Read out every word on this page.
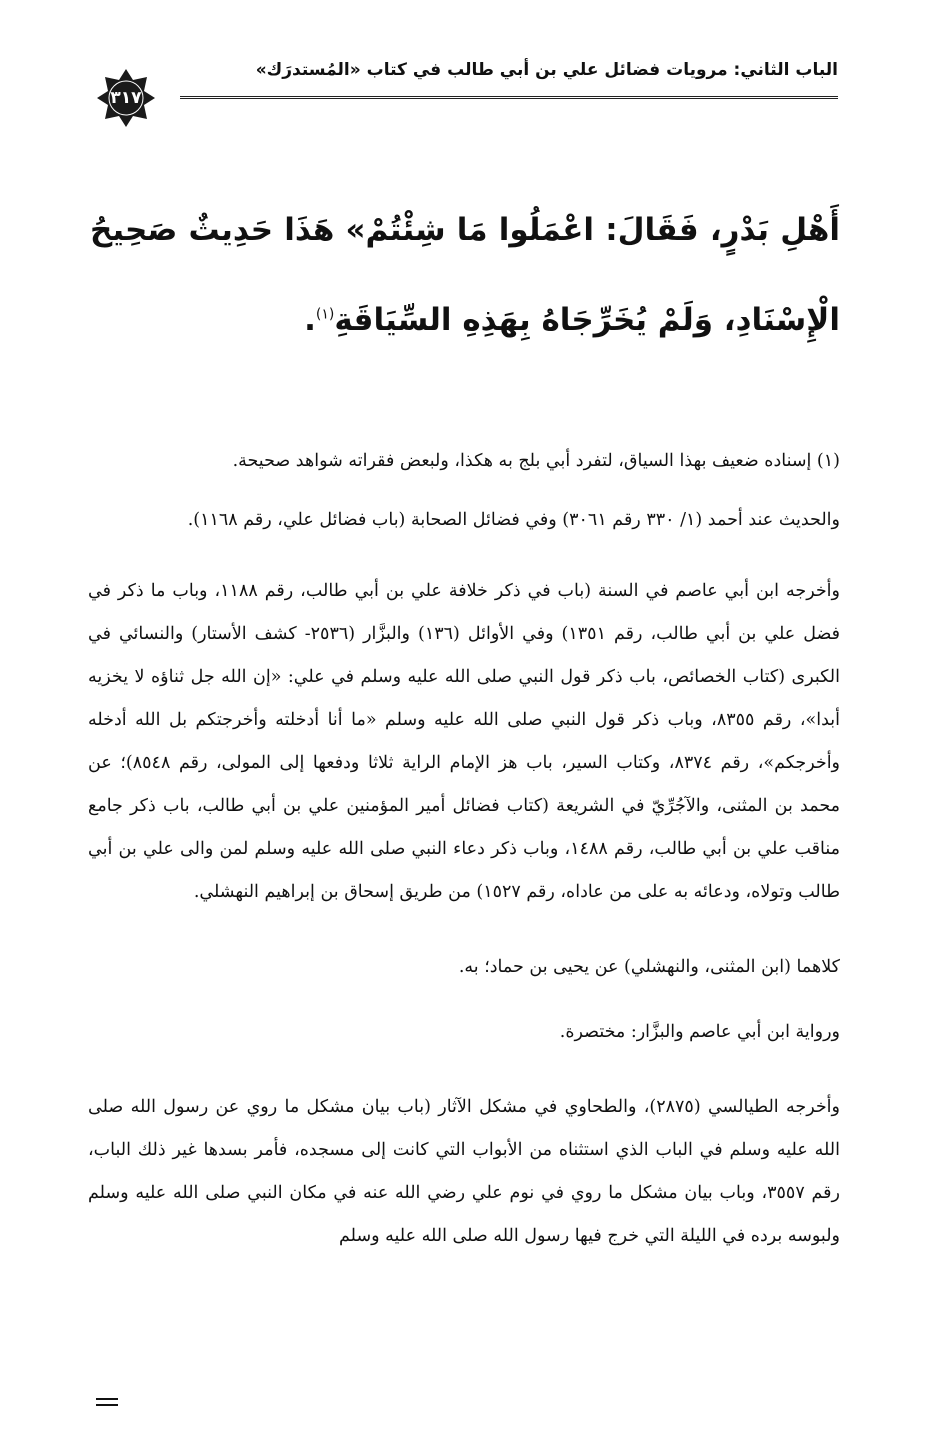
الباب الثاني: مرويات فضائل علي بن أبي طالب في كتاب «المُستدرَك»
٣١٧
أَهْلِ بَدْرٍ، فَقَالَ: اعْمَلُوا مَا شِئْتُمْ» هَذَا حَدِيثٌ صَحِيحُ الْإِسْنَادِ، وَلَمْ يُخَرِّجَاهُ بِهَذِهِ السِّيَاقَةِ$^{(١)}$.

(١) إسناده ضعيف بهذا السياق، لتفرد أبي بلج به هكذا، ولبعض فقراته شواهد صحيحة.

والحديث عند أحمد (١/ ٣٣٠ رقم ٣٠٦١) وفي فضائل الصحابة (باب فضائل علي، رقم ١١٦٨).

وأخرجه ابن أبي عاصم في السنة (باب في ذكر خلافة علي بن أبي طالب، رقم ١١٨٨، وباب ما ذكر في فضل علي بن أبي طالب، رقم ١٣٥١) وفي الأوائل (١٣٦) والبزَّار (٢٥٣٦- كشف الأستار) والنسائي في الكبرى (كتاب الخصائص، باب ذكر قول النبي صلى الله عليه وسلم في علي: «إن الله جل ثناؤه لا يخزيه أبدا»، رقم ٨٣٥٥، وباب ذكر قول النبي صلى الله عليه وسلم «ما أنا أدخلته وأخرجتكم بل الله أدخله وأخرجكم»، رقم ٨٣٧٤، وكتاب السير، باب هز الإمام الراية ثلاثا ودفعها إلى المولى، رقم ٨٥٤٨)؛ عن محمد بن المثنى، والآجُرِّيّ في الشريعة (كتاب فضائل أمير المؤمنين علي بن أبي طالب، باب ذكر جامع مناقب علي بن أبي طالب، رقم ١٤٨٨، وباب ذكر دعاء النبي صلى الله عليه وسلم لمن والى علي بن أبي طالب وتولاه، ودعائه به على من عاداه، رقم ١٥٢٧) من طريق إسحاق بن إبراهيم النهشلي.

كلاهما (ابن المثنى، والنهشلي) عن يحيى بن حماد؛ به.

ورواية ابن أبي عاصم والبزَّار: مختصرة.

وأخرجه الطيالسي (٢٨٧٥)، والطحاوي في مشكل الآثار (باب بيان مشكل ما روي عن رسول الله صلى الله عليه وسلم في الباب الذي استثناه من الأبواب التي كانت إلى مسجده، فأمر بسدها غير ذلك الباب، رقم ٣٥٥٧، وباب بيان مشكل ما روي في نوم علي رضي الله عنه في مكان النبي صلى الله عليه وسلم ولبوسه برده في الليلة التي خرج فيها رسول الله صلى الله عليه وسلم
